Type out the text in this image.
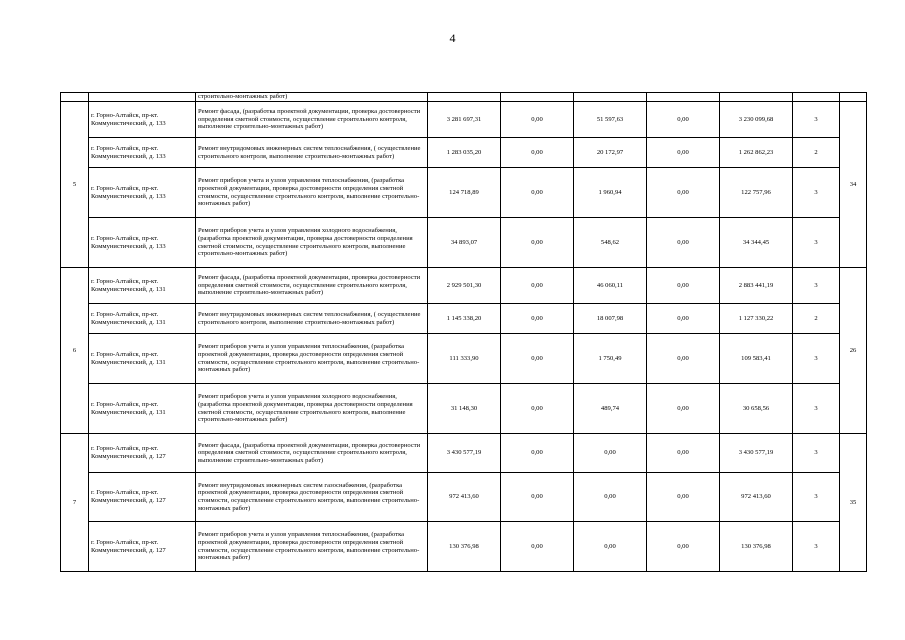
4
		строительно-монтажных работ)							
5	г. Горно-Алтайск, пр-кт. Коммунистический, д. 133	Ремонт фасада, (разработка проектной документации, проверка достоверности определения сметной стоимости, осуществление строительного контроля, выполнение строительно-монтажных работ)	3 281 697,31	0,00	51 597,63	0,00	3 230 099,68	3	34
	г. Горно-Алтайск, пр-кт. Коммунистический, д. 133	Ремонт внутридомовых инженерных систем теплоснабжения, ( осуществление строительного контроля, выполнение строительно-монтажных работ)	1 283 035,20	0,00	20 172,97	0,00	1 262 862,23	2	
	г. Горно-Алтайск, пр-кт. Коммунистический, д. 133	Ремонт приборов учета и узлов управления теплоснабжения, (разработка проектной документации, проверка достоверности определения сметной стоимости, осуществление строительного контроля, выполнение строительно-монтажных работ)	124 718,89	0,00	1 960,94	0,00	122 757,96	3	
	г. Горно-Алтайск, пр-кт. Коммунистический, д. 133	Ремонт приборов учета и узлов управления холодного водоснабжения, (разработка проектной документации, проверка достоверности определения сметной стоимости, осуществление строительного контроля, выполнение строительно-монтажных работ)	34 893,07	0,00	548,62	0,00	34 344,45	3	
6	г. Горно-Алтайск, пр-кт. Коммунистический, д. 131	Ремонт фасада, (разработка проектной документации, проверка достоверности определения сметной стоимости, осуществление строительного контроля, выполнение строительно-монтажных работ)	2 929 501,30	0,00	46 060,11	0,00	2 883 441,19	3	26
	г. Горно-Алтайск, пр-кт. Коммунистический, д. 131	Ремонт внутридомовых инженерных систем теплоснабжения, ( осуществление строительного контроля, выполнение строительно-монтажных работ)	1 145 338,20	0,00	18 007,98	0,00	1 127 330,22	2	
	г. Горно-Алтайск, пр-кт. Коммунистический, д. 131	Ремонт приборов учета и узлов управления теплоснабжения, (разработка проектной документации, проверка достоверности определения сметной стоимости, осуществление строительного контроля, выполнение строительно-монтажных работ)	111 333,90	0,00	1 750,49	0,00	109 583,41	3	
	г. Горно-Алтайск, пр-кт. Коммунистический, д. 131	Ремонт приборов учета и узлов управления холодного водоснабжения, (разработка проектной документации, проверка достоверности определения сметной стоимости, осуществление строительного контроля, выполнение строительно-монтажных работ)	31 148,30	0,00	489,74	0,00	30 658,56	3	
7	г. Горно-Алтайск, пр-кт. Коммунистический, д. 127	Ремонт фасада, (разработка проектной документации, проверка достоверности определения сметной стоимости, осуществление строительного контроля, выполнение строительно-монтажных работ)	3 430 577,19	0,00	0,00	0,00	3 430 577,19	3	35
	г. Горно-Алтайск, пр-кт. Коммунистический, д. 127	Ремонт внутридомовых инженерных систем газоснабжения, (разработка проектной документации, проверка достоверности определения сметной стоимости, осуществление строительного контроля, выполнение строительно-монтажных работ)	972 413,60	0,00	0,00	0,00	972 413,60	3	
	г. Горно-Алтайск, пр-кт. Коммунистический, д. 127	Ремонт приборов учета и узлов управления теплоснабжения, (разработка проектной документации, проверка достоверности определения сметной стоимости, осуществление строительного контроля, выполнение строительно-монтажных работ)	130 376,98	0,00	0,00	0,00	130 376,98	3	
